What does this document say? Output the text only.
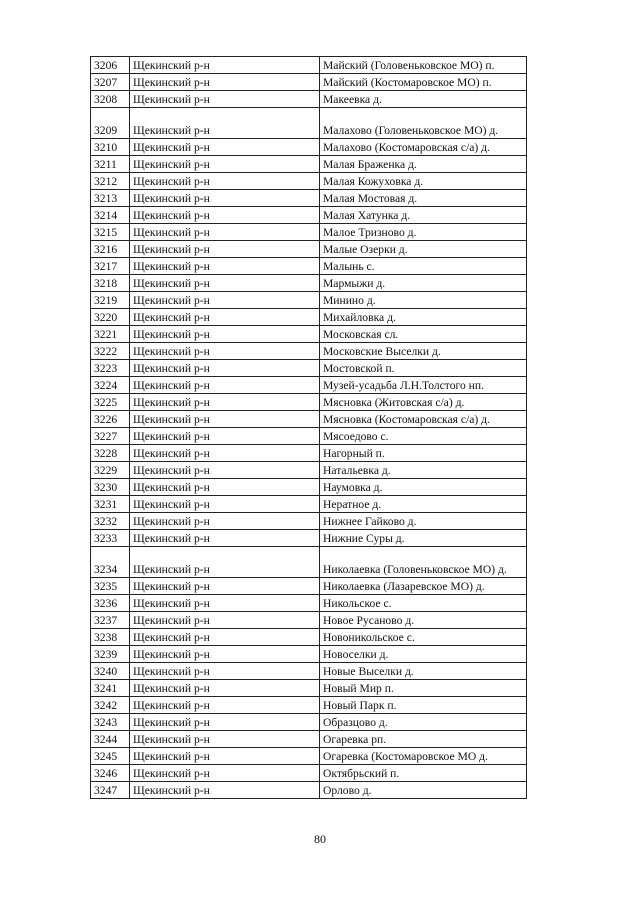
3206	Щекинский р-н	Майский (Головеньковское МО) п.
3207	Щекинский р-н	Майский (Костомаровское МО) п.
3208	Щекинский р-н	Макеевка д.
3209	Щекинский р-н	Малахово (Головеньковское МО) д.
3210	Щекинский р-н	Малахово (Костомаровская с/а) д.
3211	Щекинский р-н	Малая Браженка д.
3212	Щекинский р-н	Малая Кожуховка д.
3213	Щекинский р-н	Малая Мостовая д.
3214	Щекинский р-н	Малая Хатунка д.
3215	Щекинский р-н	Малое Тризново д.
3216	Щекинский р-н	Малые Озерки д.
3217	Щекинский р-н	Малынь с.
3218	Щекинский р-н	Мармыжи д.
3219	Щекинский р-н	Минино д.
3220	Щекинский р-н	Михайловка д.
3221	Щекинский р-н	Московская сл.
3222	Щекинский р-н	Московские Выселки д.
3223	Щекинский р-н	Мостовской п.
3224	Щекинский р-н	Музей-усадьба Л.Н.Толстого нп.
3225	Щекинский р-н	Мясновка (Житовская с/а) д.
3226	Щекинский р-н	Мясновка (Костомаровская с/а) д.
3227	Щекинский р-н	Мясоедово с.
3228	Щекинский р-н	Нагорный п.
3229	Щекинский р-н	Натальевка д.
3230	Щекинский р-н	Наумовка д.
3231	Щекинский р-н	Нератное д.
3232	Щекинский р-н	Нижнее Гайково д.
3233	Щекинский р-н	Нижние Суры д.
3234	Щекинский р-н	Николаевка (Головеньковское МО) д.
3235	Щекинский р-н	Николаевка (Лазаревское МО) д.
3236	Щекинский р-н	Никольское с.
3237	Щекинский р-н	Новое Русаново д.
3238	Щекинский р-н	Новоникольское с.
3239	Щекинский р-н	Новоселки д.
3240	Щекинский р-н	Новые Выселки д.
3241	Щекинский р-н	Новый Мир п.
3242	Щекинский р-н	Новый Парк п.
3243	Щекинский р-н	Образцово д.
3244	Щекинский р-н	Огаревка рп.
3245	Щекинский р-н	Огаревка (Костомаровское МО д.
3246	Щекинский р-н	Октябрьский п.
3247	Щекинский р-н	Орлово д.
80
